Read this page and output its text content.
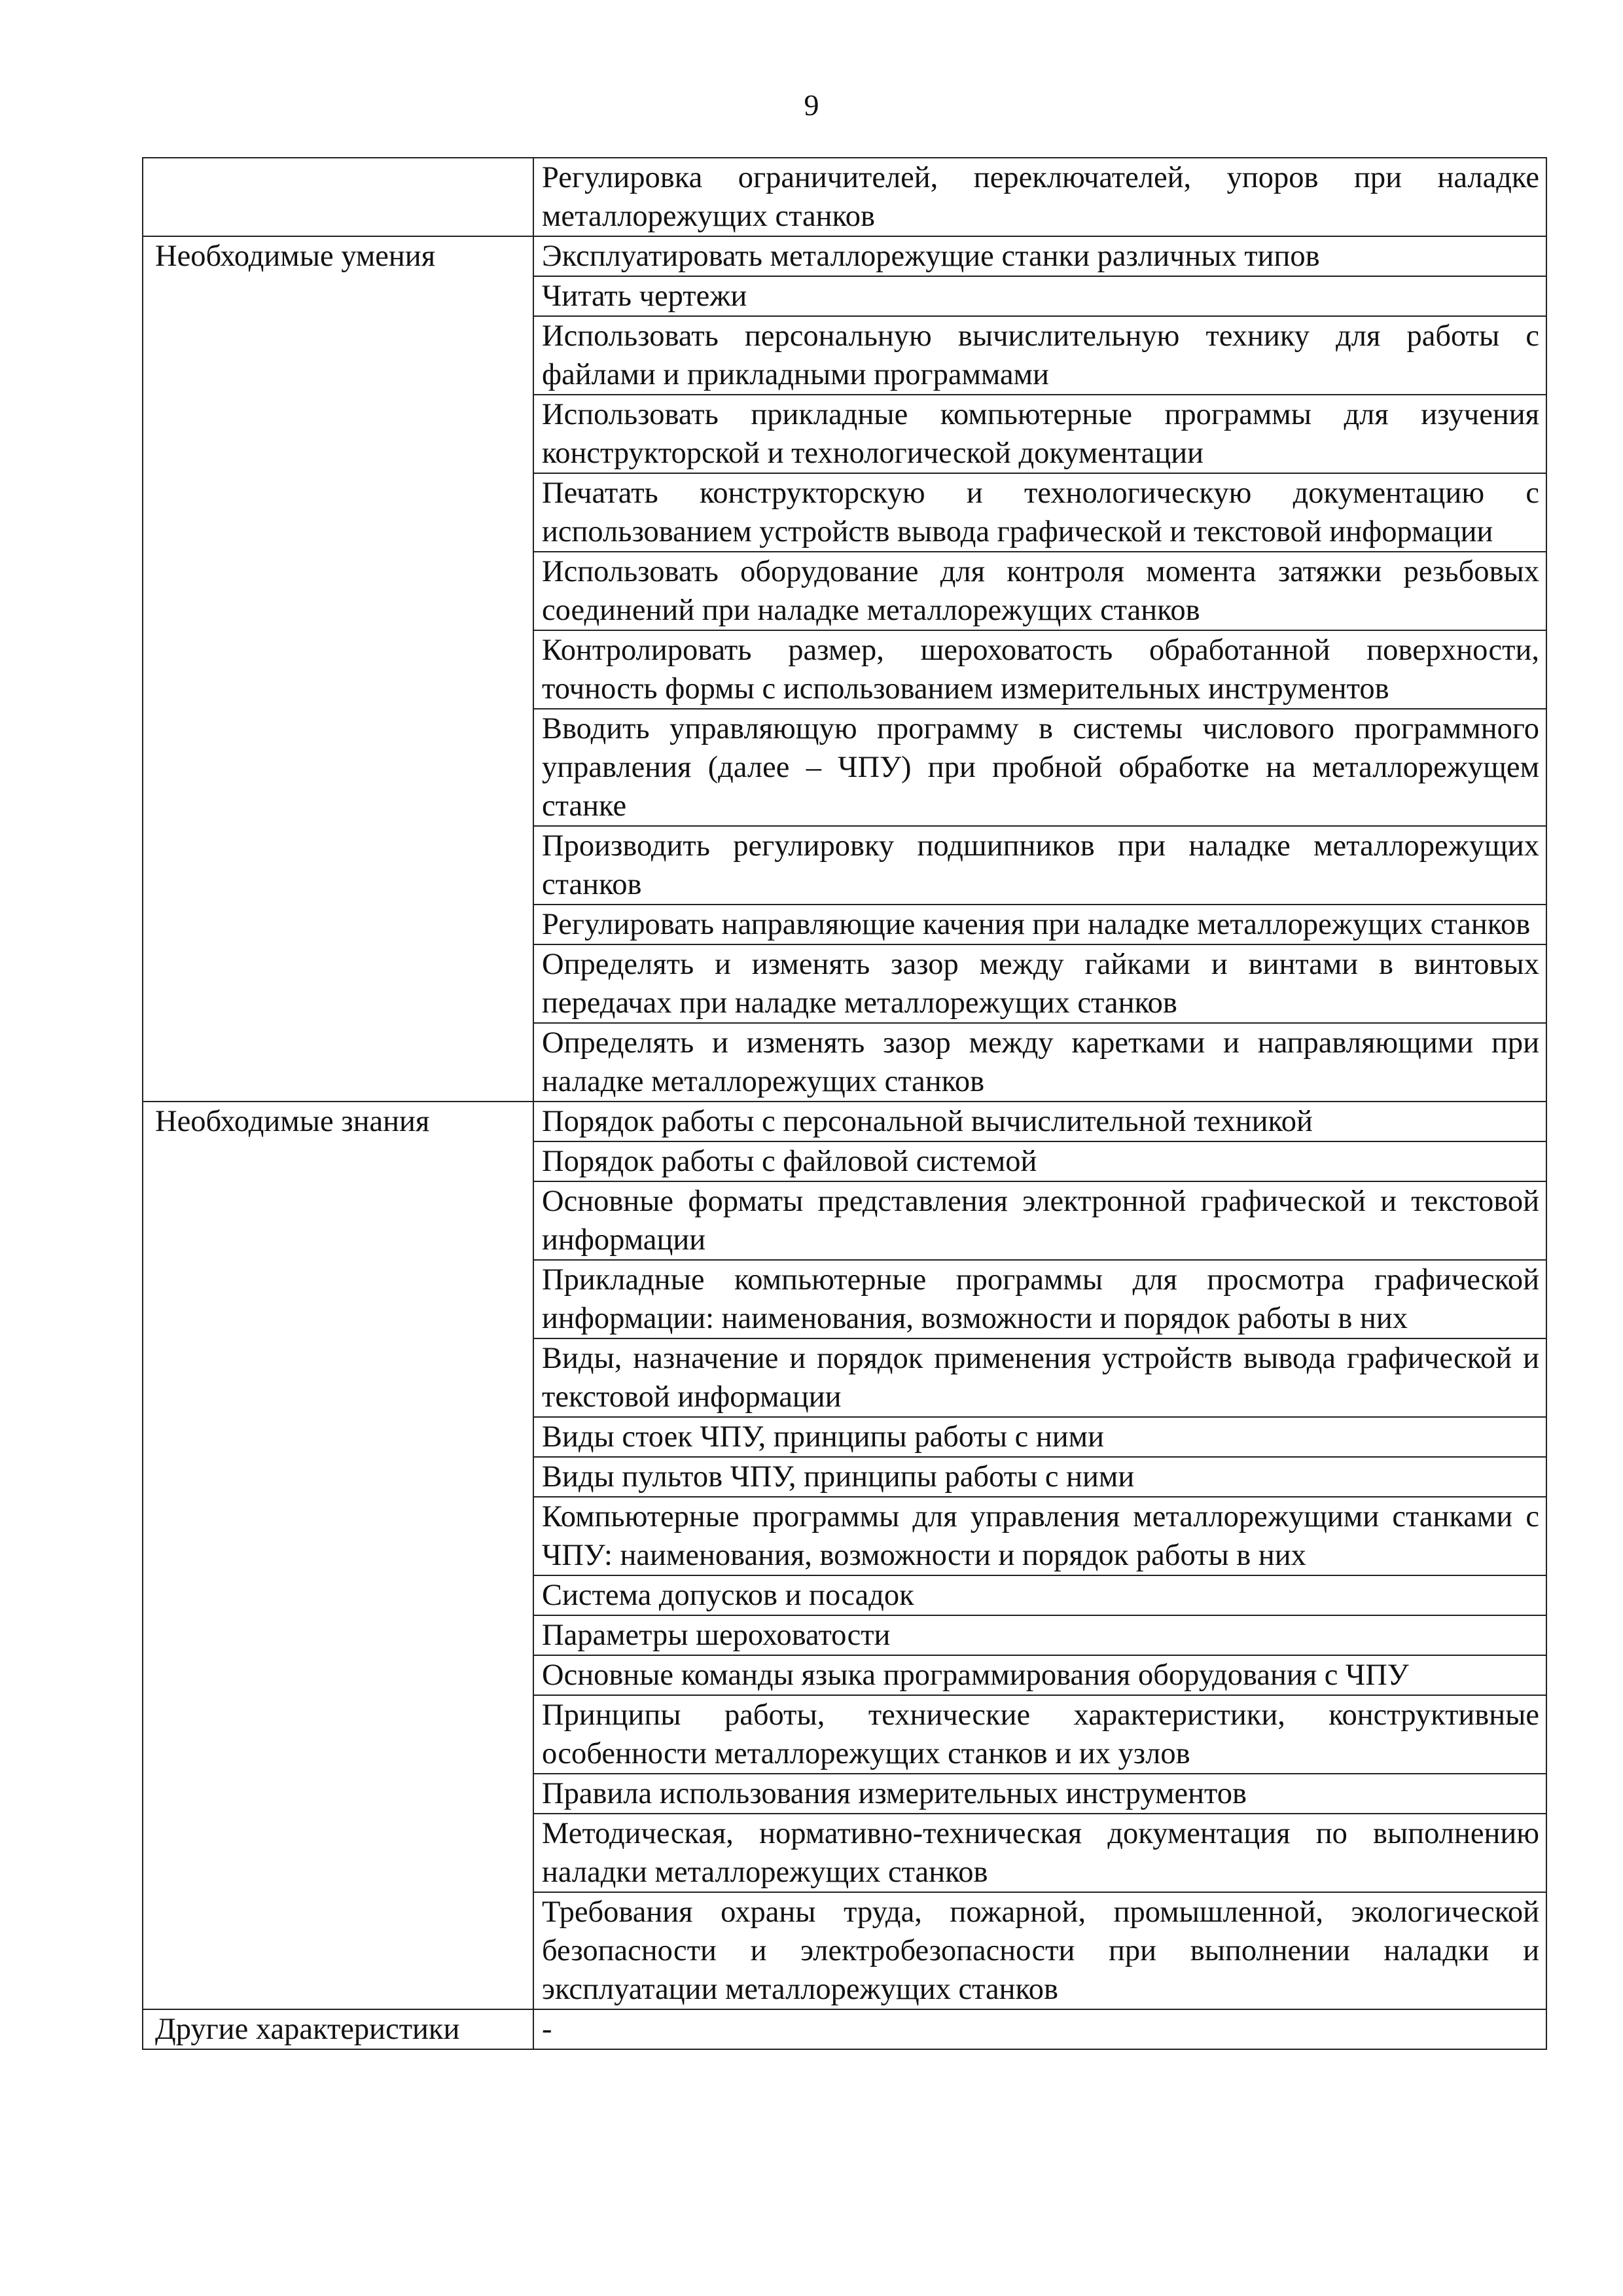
9
	Регулировка ограничителей, переключателей, упоров при наладке металлорежущих станков
Необходимые умения	Эксплуатировать металлорежущие станки различных типов
	Читать чертежи
	Использовать персональную вычислительную технику для работы с файлами и прикладными программами
	Использовать прикладные компьютерные программы для изучения конструкторской и технологической документации
	Печатать конструкторскую и технологическую документацию с использованием устройств вывода графической и текстовой информации
	Использовать оборудование для контроля момента затяжки резьбовых соединений при наладке металлорежущих станков
	Контролировать размер, шероховатость обработанной поверхности, точность формы с использованием измерительных инструментов
	Вводить управляющую программу в системы числового программного управления (далее – ЧПУ) при пробной обработке на металлорежущем станке
	Производить регулировку подшипников при наладке металлорежущих станков
	Регулировать направляющие качения при наладке металлорежущих станков
	Определять и изменять зазор между гайками и винтами в винтовых передачах при наладке металлорежущих станков
	Определять и изменять зазор между каретками и направляющими при наладке металлорежущих станков
Необходимые знания	Порядок работы с персональной вычислительной техникой
	Порядок работы с файловой системой
	Основные форматы представления электронной графической и текстовой информации
	Прикладные компьютерные программы для просмотра графической информации: наименования, возможности и порядок работы в них
	Виды, назначение и порядок применения устройств вывода графической и текстовой информации
	Виды стоек ЧПУ, принципы работы с ними
	Виды пультов ЧПУ, принципы работы с ними
	Компьютерные программы для управления металлорежущими станками с ЧПУ: наименования, возможности и порядок работы в них
	Система допусков и посадок
	Параметры шероховатости
	Основные команды языка программирования оборудования с ЧПУ
	Принципы работы, технические характеристики, конструктивные особенности металлорежущих станков и их узлов
	Правила использования измерительных инструментов
	Методическая, нормативно-техническая документация по выполнению наладки металлорежущих станков
	Требования охраны труда, пожарной, промышленной, экологической безопасности и электробезопасности при выполнении наладки и эксплуатации металлорежущих станков
Другие характеристики	-
